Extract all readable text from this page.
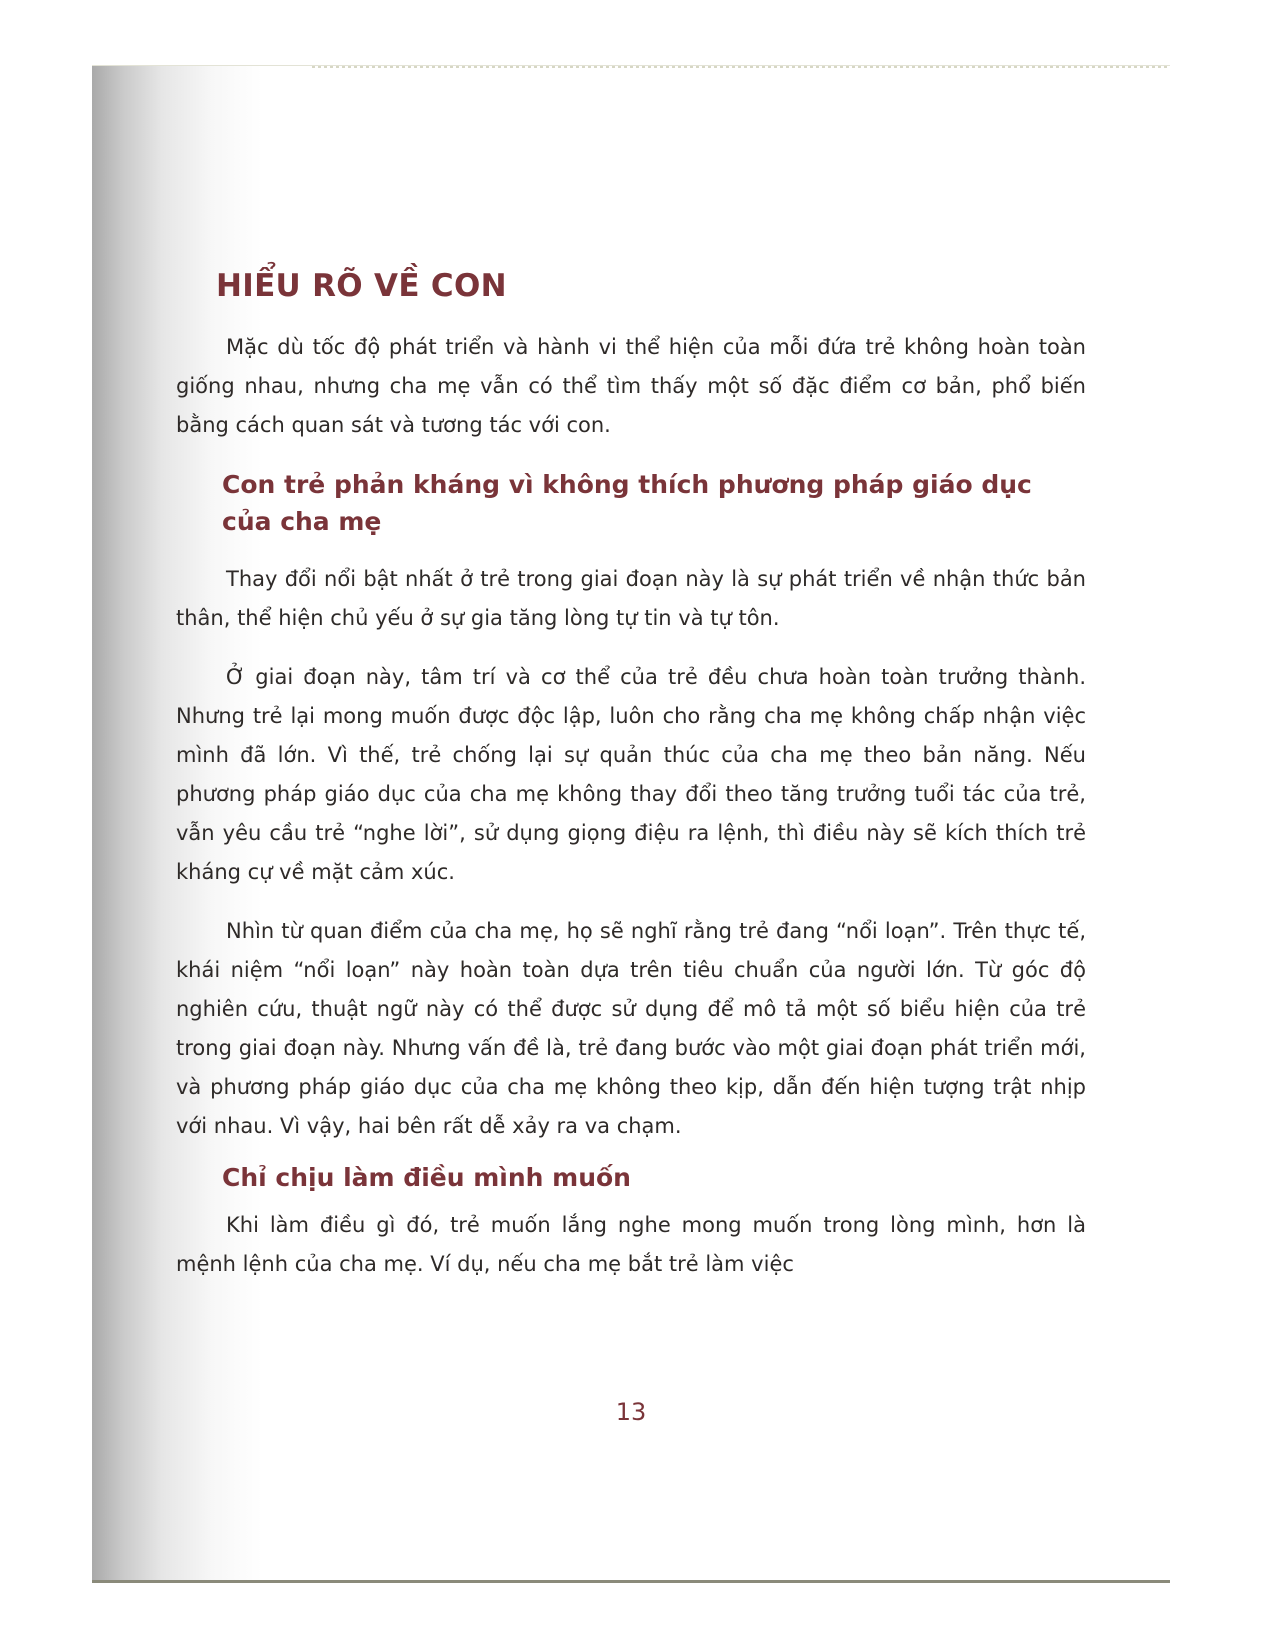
HIỂU RÕ VỀ CON

Mặc dù tốc độ phát triển và hành vi thể hiện của mỗi đứa trẻ không hoàn toàn giống nhau, nhưng cha mẹ vẫn có thể tìm thấy một số đặc điểm cơ bản, phổ biến bằng cách quan sát và tương tác với con.

Con trẻ phản kháng vì không thích phương pháp giáo dục của cha mẹ

Thay đổi nổi bật nhất ở trẻ trong giai đoạn này là sự phát triển về nhận thức bản thân, thể hiện chủ yếu ở sự gia tăng lòng tự tin và tự tôn.

Ở giai đoạn này, tâm trí và cơ thể của trẻ đều chưa hoàn toàn trưởng thành. Nhưng trẻ lại mong muốn được độc lập, luôn cho rằng cha mẹ không chấp nhận việc mình đã lớn. Vì thế, trẻ chống lại sự quản thúc của cha mẹ theo bản năng. Nếu phương pháp giáo dục của cha mẹ không thay đổi theo tăng trưởng tuổi tác của trẻ, vẫn yêu cầu trẻ “nghe lời”, sử dụng giọng điệu ra lệnh, thì điều này sẽ kích thích trẻ kháng cự về mặt cảm xúc.

Nhìn từ quan điểm của cha mẹ, họ sẽ nghĩ rằng trẻ đang “nổi loạn”. Trên thực tế, khái niệm “nổi loạn” này hoàn toàn dựa trên tiêu chuẩn của người lớn. Từ góc độ nghiên cứu, thuật ngữ này có thể được sử dụng để mô tả một số biểu hiện của trẻ trong giai đoạn này. Nhưng vấn đề là, trẻ đang bước vào một giai đoạn phát triển mới, và phương pháp giáo dục của cha mẹ không theo kịp, dẫn đến hiện tượng trật nhịp với nhau. Vì vậy, hai bên rất dễ xảy ra va chạm.

Chỉ chịu làm điều mình muốn

Khi làm điều gì đó, trẻ muốn lắng nghe mong muốn trong lòng mình, hơn là mệnh lệnh của cha mẹ. Ví dụ, nếu cha mẹ bắt trẻ làm việc

13
